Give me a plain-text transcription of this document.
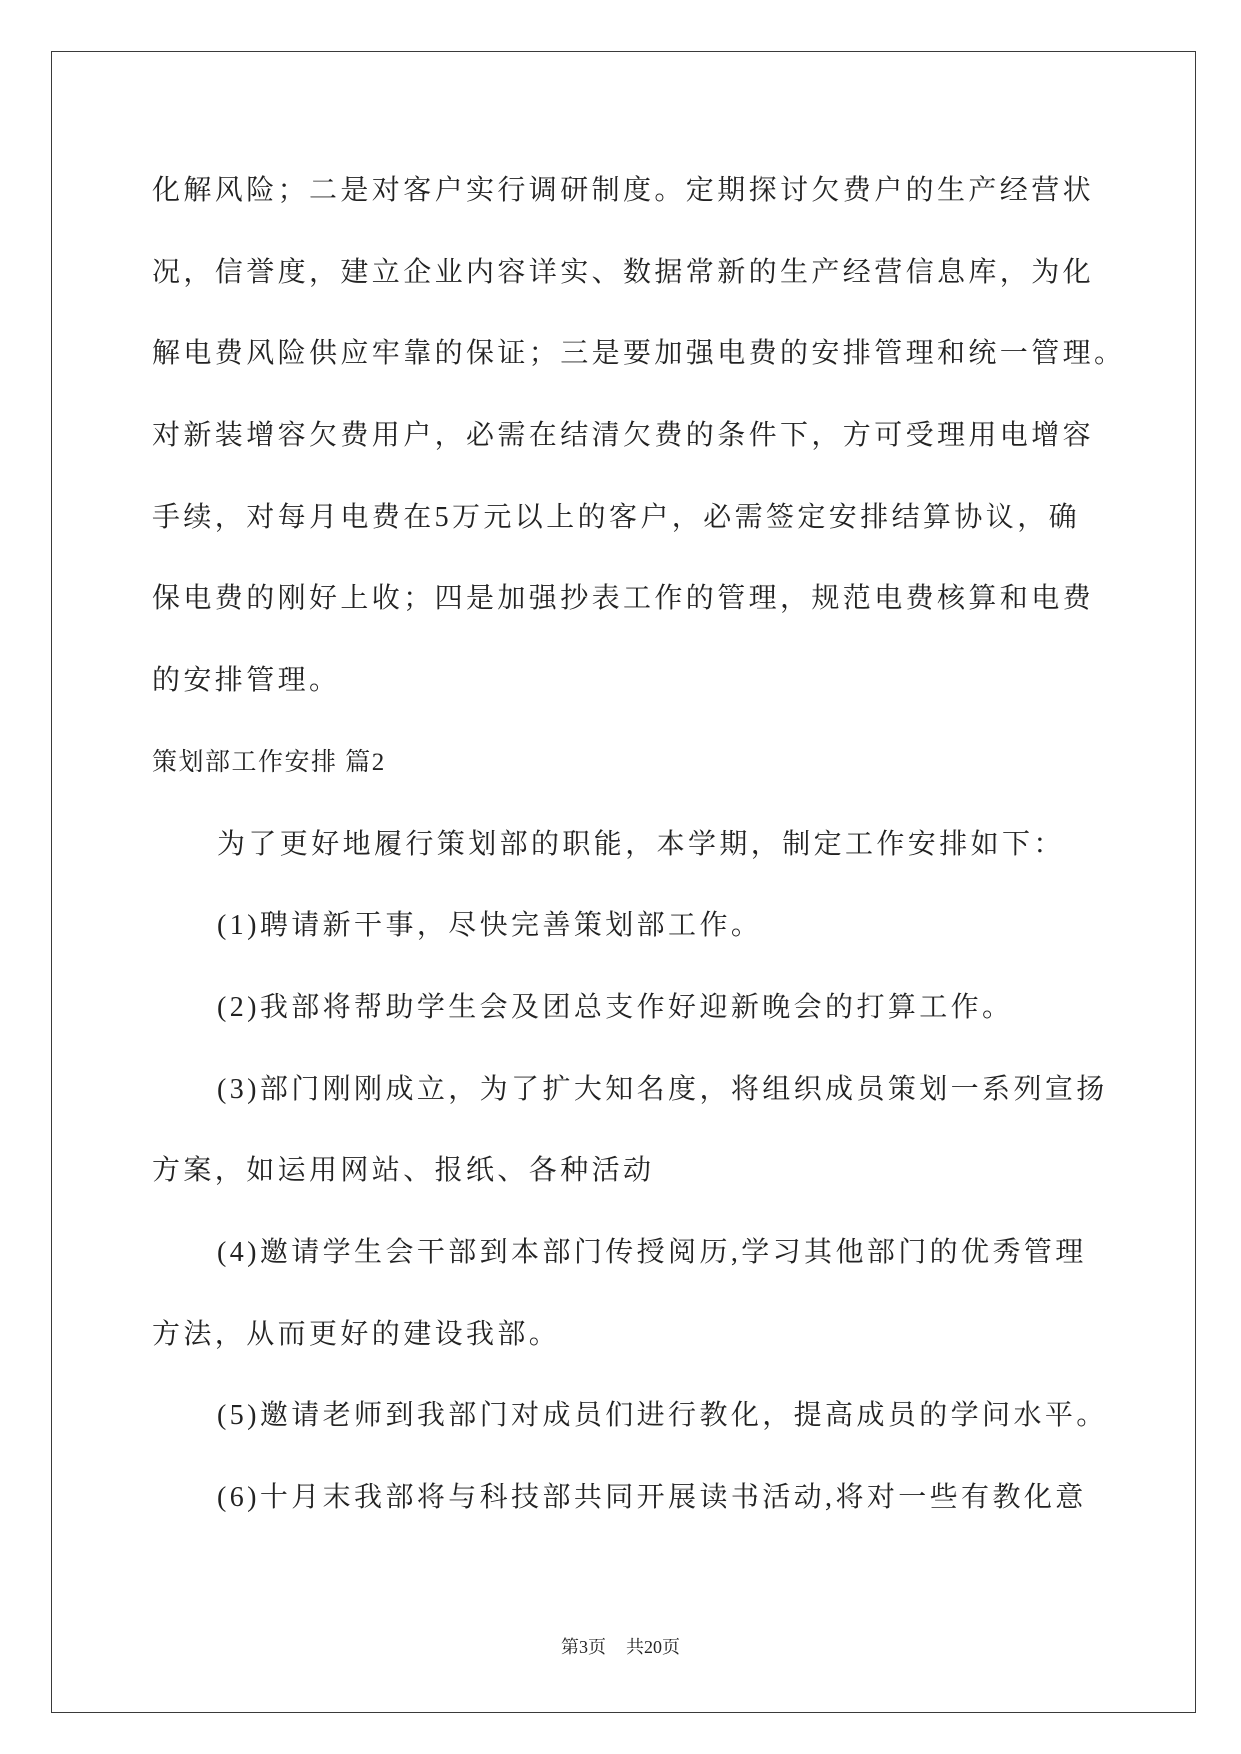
化解风险；二是对客户实行调研制度。定期探讨欠费户的生产经营状
况，信誉度，建立企业内容详实、数据常新的生产经营信息库，为化
解电费风险供应牢靠的保证；三是要加强电费的安排管理和统一管理。
对新装增容欠费用户，必需在结清欠费的条件下，方可受理用电增容
手续，对每月电费在5万元以上的客户，必需签定安排结算协议，确
保电费的刚好上收；四是加强抄表工作的管理，规范电费核算和电费
的安排管理。
策划部工作安排 篇2
为了更好地履行策划部的职能，本学期，制定工作安排如下：
(1)聘请新干事，尽快完善策划部工作。
(2)我部将帮助学生会及团总支作好迎新晚会的打算工作。
(3)部门刚刚成立，为了扩大知名度，将组织成员策划一系列宣扬
方案，如运用网站、报纸、各种活动
(4)邀请学生会干部到本部门传授阅历,学习其他部门的优秀管理
方法，从而更好的建设我部。
(5)邀请老师到我部门对成员们进行教化，提高成员的学问水平。
(6)十月末我部将与科技部共同开展读书活动,将对一些有教化意
第3页 共20页
